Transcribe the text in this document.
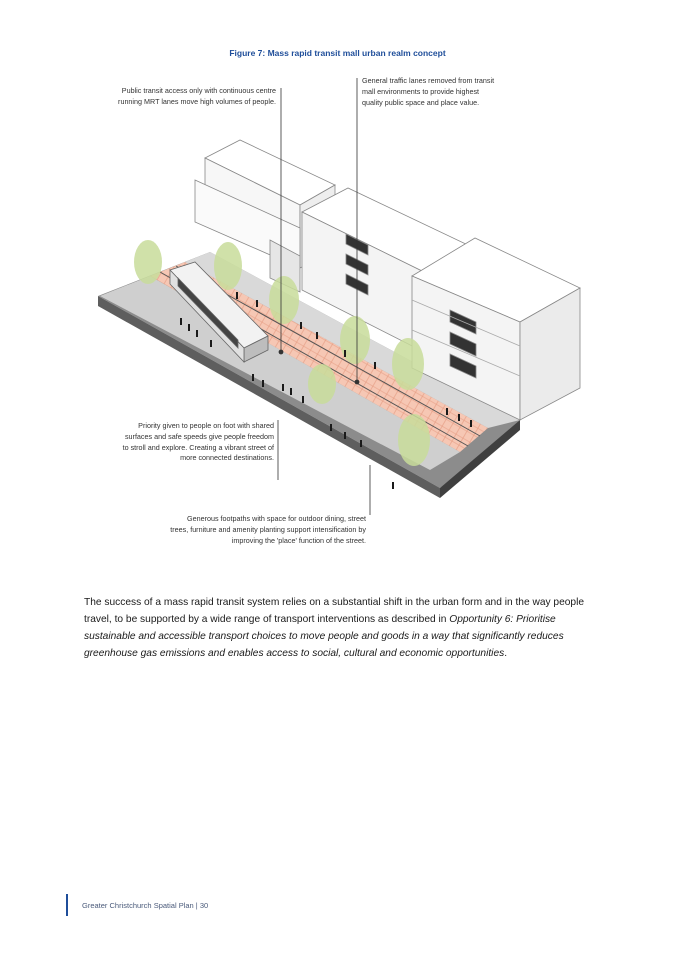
Figure 7: Mass rapid transit mall urban realm concept
Public transit access only with continuous centre running MRT lanes move high volumes of people.
General traffic lanes removed from transit mall environments to provide highest quality public space and place value.
Priority given to people on foot with shared surfaces and safe speeds give people freedom to stroll and explore. Creating a vibrant street of more connected destinations.
Generous footpaths with space for outdoor dining, street trees, furniture and amenity planting support intensification by improving the 'place' function of the street.
The success of a mass rapid transit system relies on a substantial shift in the urban form and in the way people travel, to be supported by a wide range of transport interventions as described in Opportunity 6: Prioritise sustainable and accessible transport choices to move people and goods in a way that significantly reduces greenhouse gas emissions and enables access to social, cultural and economic opportunities.
Greater Christchurch Spatial Plan | 30
